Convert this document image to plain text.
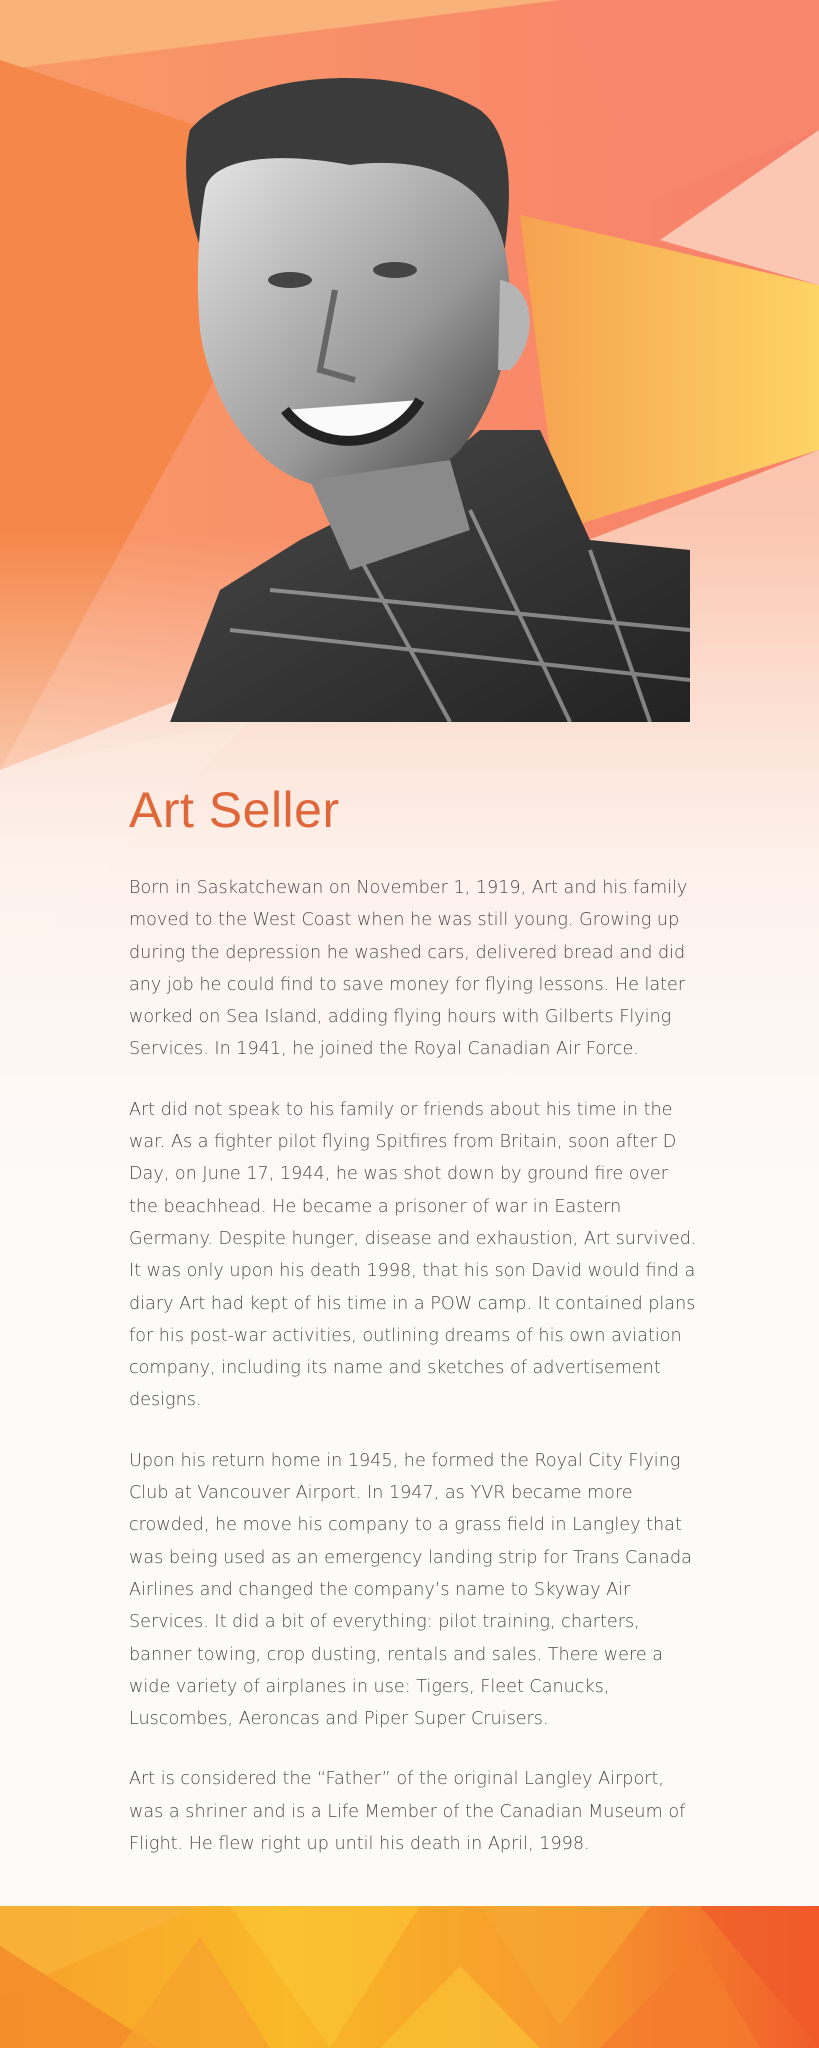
Art Seller

Born in Saskatchewan on November 1, 1919, Art and his family moved to the West Coast when he was still young. Growing up during the depression he washed cars, delivered bread and did any job he could find to save money for flying lessons. He later worked on Sea Island, adding flying hours with Gilberts Flying Services. In 1941, he joined the Royal Canadian Air Force.

Art did not speak to his family or friends about his time in the war. As a fighter pilot flying Spitfires from Britain, soon after D Day, on June 17, 1944, he was shot down by ground fire over the beachhead. He became a prisoner of war in Eastern Germany. Despite hunger, disease and exhaustion, Art survived. It was only upon his death 1998, that his son David would find a diary Art had kept of his time in a POW camp. It contained plans for his post-war activities, outlining dreams of his own aviation company, including its name and sketches of advertisement designs.

Upon his return home in 1945, he formed the Royal City Flying Club at Vancouver Airport. In 1947, as YVR became more crowded, he move his company to a grass field in Langley that was being used as an emergency landing strip for Trans Canada Airlines and changed the company’s name to Skyway Air Services. It did a bit of everything: pilot training, charters, banner towing, crop dusting, rentals and sales. There were a wide variety of airplanes in use: Tigers, Fleet Canucks, Luscombes, Aeroncas and Piper Super Cruisers.

Art is considered the “Father” of the original Langley Airport, was a shriner and is a Life Member of the Canadian Museum of Flight. He flew right up until his death in April, 1998.
